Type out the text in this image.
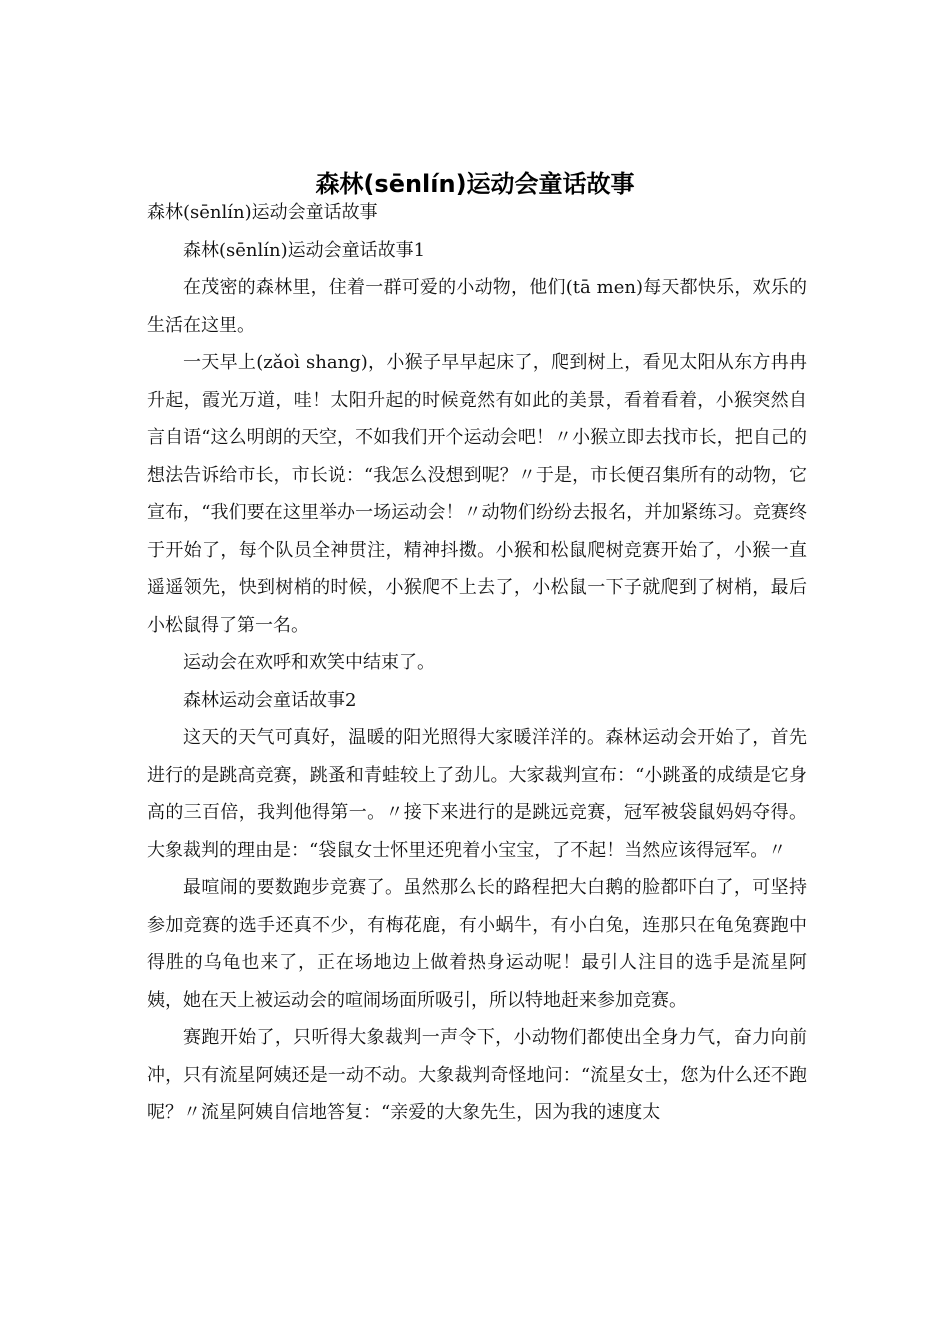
森林(sēnlín)运动会童话故事

森林(sēnlín)运动会童话故事

森林(sēnlín)运动会童话故事1

在茂密的森林里，住着一群可爱的小动物，他们(tā men)每天都快乐，欢乐的生活在这里。

一天早上(zǎoì shang)，小猴子早早起床了，爬到树上，看见太阳从东方冉冉升起，霞光万道，哇！太阳升起的时候竟然有如此的美景，看着看着，小猴突然自言自语“这么明朗的天空，不如我们开个运动会吧！〃小猴立即去找市长，把自己的想法告诉给市长，市长说：“我怎么没想到呢？〃于是，市长便召集所有的动物，它宣布，“我们要在这里举办一场运动会！〃动物们纷纷去报名，并加紧练习。竞赛终于开始了，每个队员全神贯注，精神抖擞。小猴和松鼠爬树竞赛开始了，小猴一直遥遥领先，快到树梢的时候，小猴爬不上去了，小松鼠一下子就爬到了树梢，最后小松鼠得了第一名。

运动会在欢呼和欢笑中结束了。

森林运动会童话故事2

这天的天气可真好，温暖的阳光照得大家暖洋洋的。森林运动会开始了，首先进行的是跳高竞赛，跳蚤和青蛙较上了劲儿。大家裁判宣布：“小跳蚤的成绩是它身高的三百倍，我判他得第一。〃接下来进行的是跳远竞赛，冠军被袋鼠妈妈夺得。大象裁判的理由是：“袋鼠女士怀里还兜着小宝宝，了不起！当然应该得冠军。〃

最喧闹的要数跑步竞赛了。虽然那么长的路程把大白鹅的脸都吓白了，可坚持参加竞赛的选手还真不少，有梅花鹿，有小蜗牛，有小白兔，连那只在龟兔赛跑中得胜的乌龟也来了，正在场地边上做着热身运动呢！最引人注目的选手是流星阿姨，她在天上被运动会的喧闹场面所吸引，所以特地赶来参加竞赛。

赛跑开始了，只听得大象裁判一声令下，小动物们都使出全身力气，奋力向前冲，只有流星阿姨还是一动不动。大象裁判奇怪地问：“流星女士，您为什么还不跑呢？〃流星阿姨自信地答复：“亲爱的大象先生，因为我的速度太
